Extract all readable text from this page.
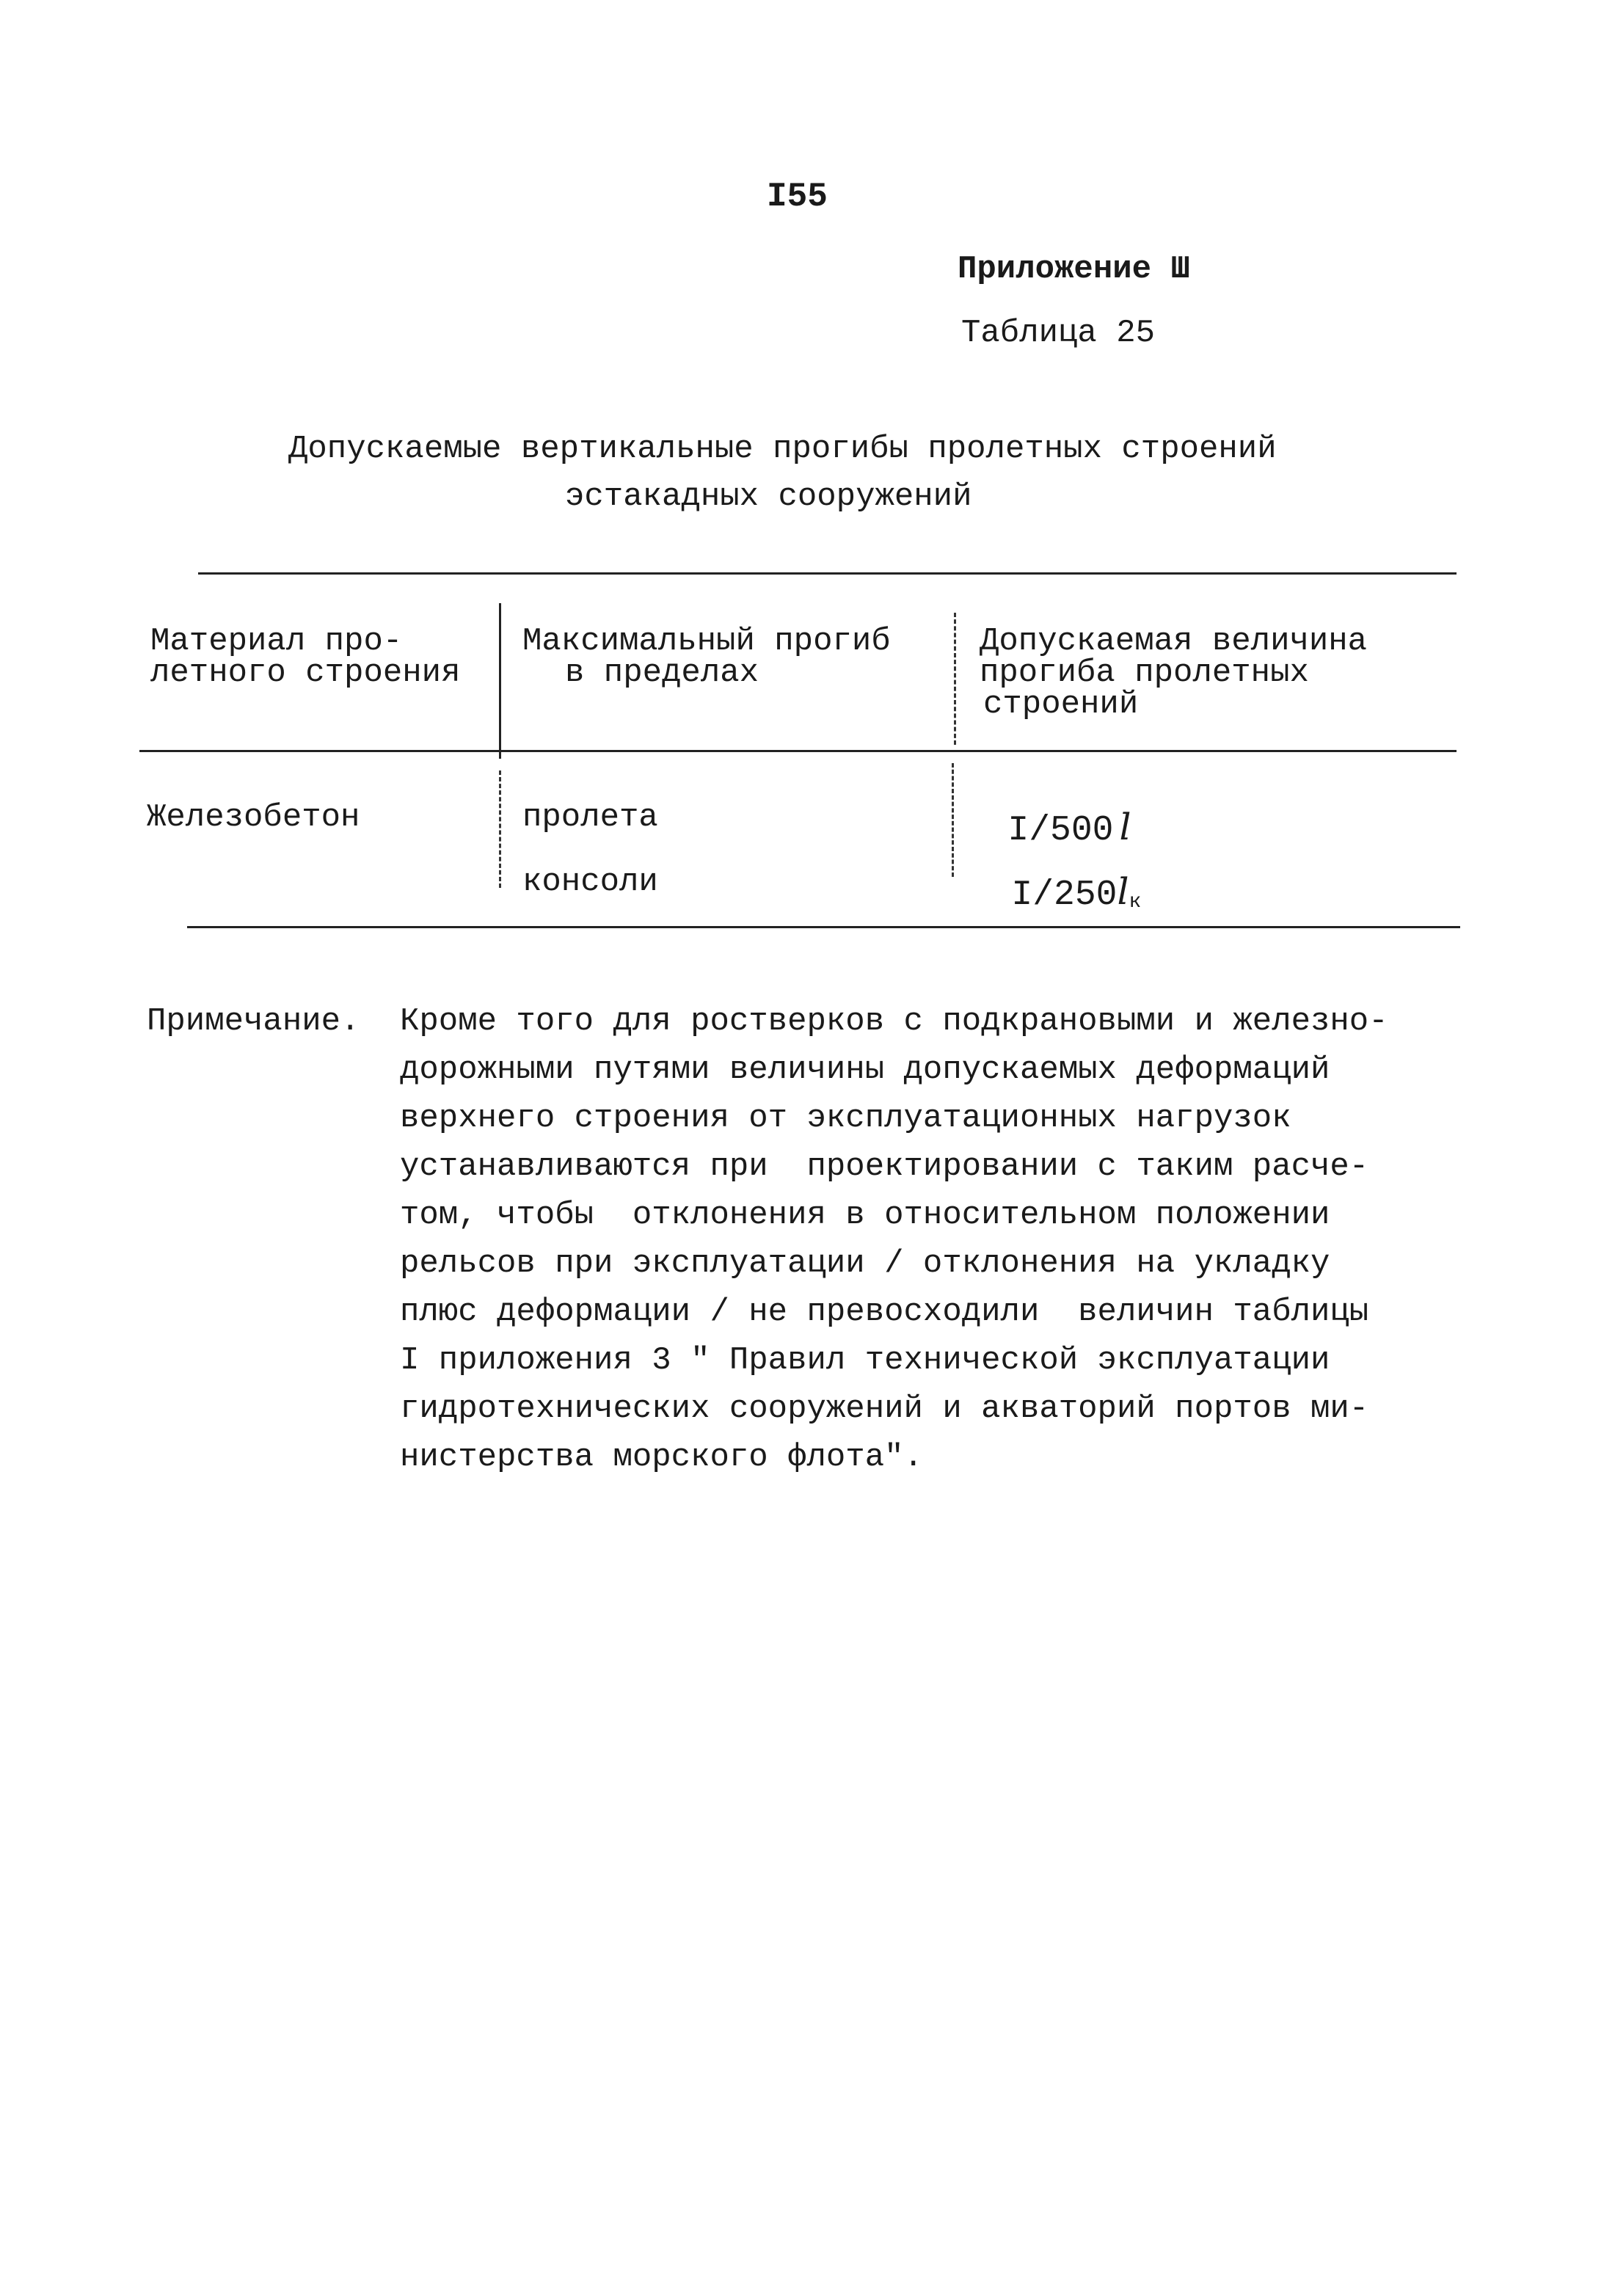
I55
Приложение Ш
Таблица 25
Допускаемые вертикальные прогибы пролетных строений
эстакадных сооружений
Материал про-
летного строения
Максимальный прогиб
в пределах
Допускаемая величина
прогиба пролетных
строений
Железобетон	пролета
консоли

I/500 l

$I/250l_к$

Примечание. Кроме того для ростверков с подкрановыми и железно-
дорожными путями величины допускаемых деформаций
верхнего строения от эксплуатационных нагрузок
устанавливаются при  проектировании с таким расче-
том, чтобы  отклонения в относительном положении
рельсов при эксплуатации / отклонения на укладку
плюс деформации / не превосходили  величин таблицы
I приложения 3 " Правил технической эксплуатации
гидротехнических сооружений и акваторий портов ми-
нистерства морского флота".
